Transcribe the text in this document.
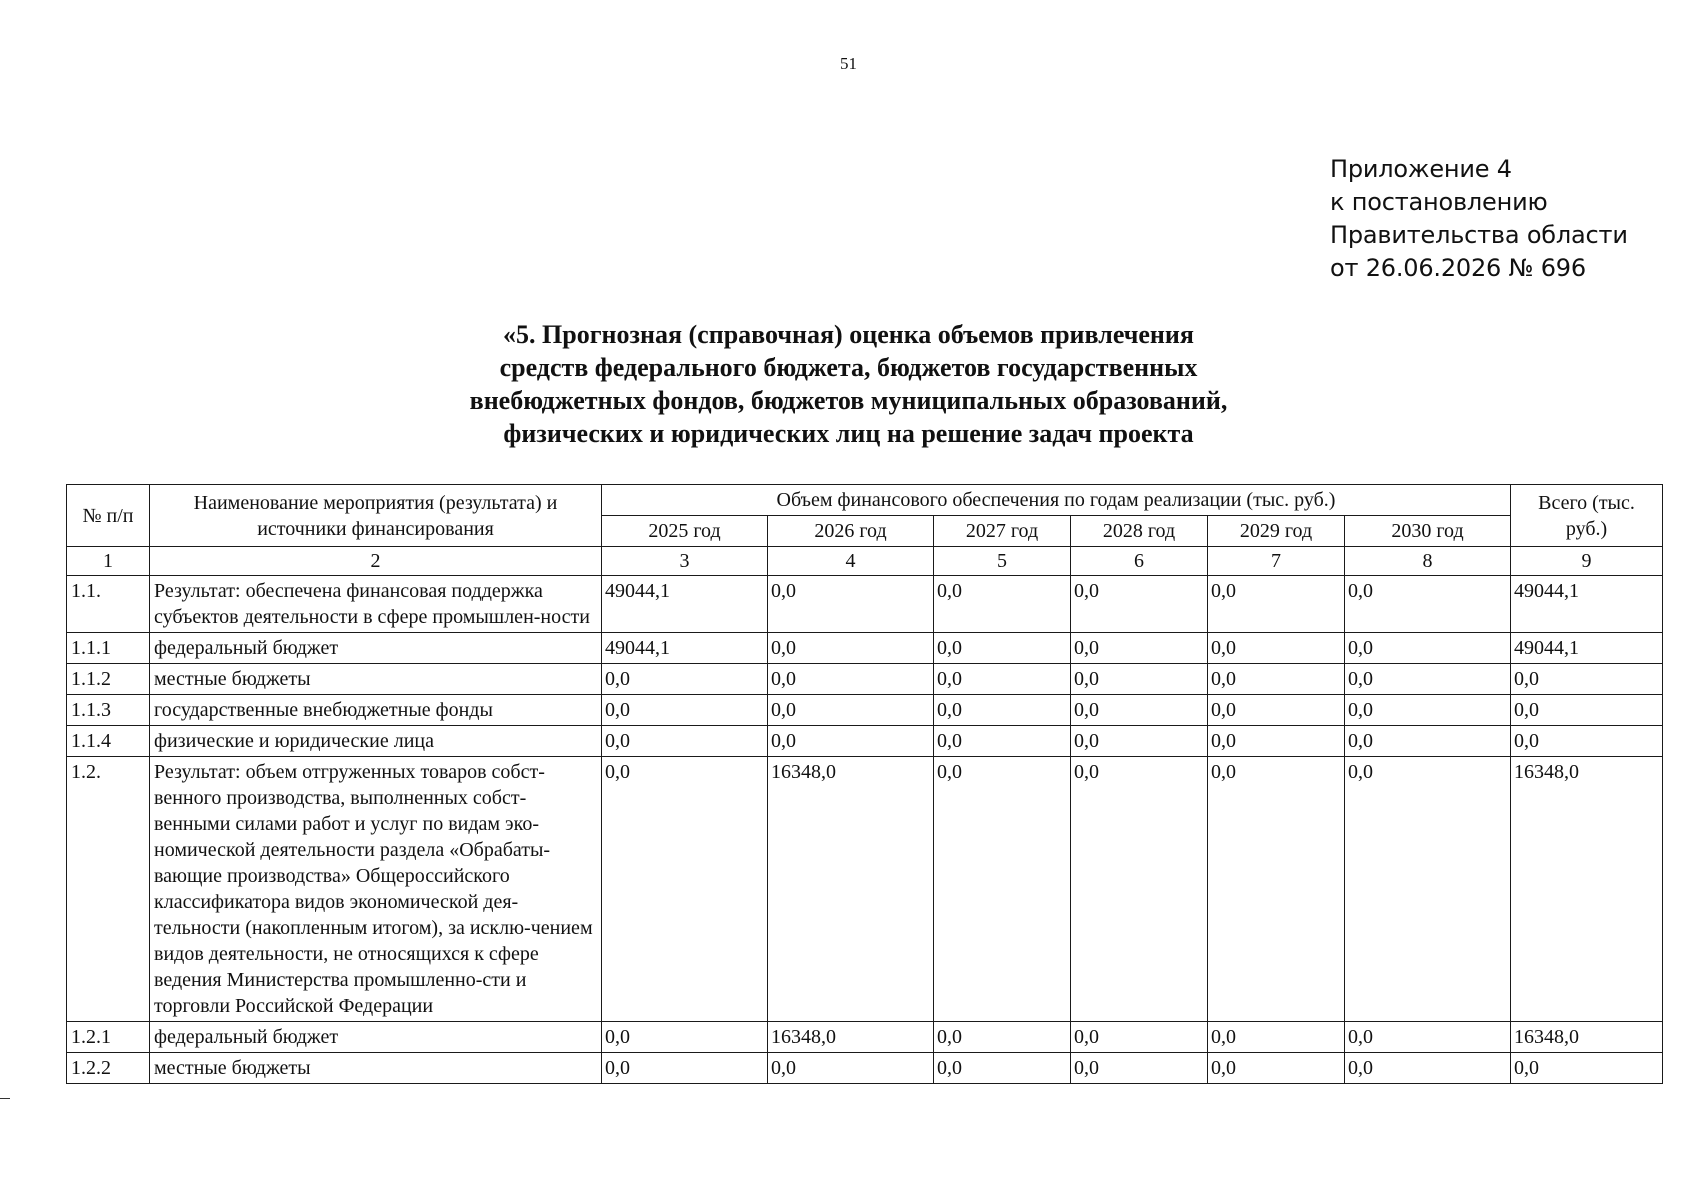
51
Приложение 4
к постановлению
Правительства области
от 26.06.2026 № 696
«5. Прогнозная (справочная) оценка объемов привлечения
средств федерального бюджета, бюджетов государственных
внебюджетных фондов, бюджетов муниципальных образований,
физических и юридических лиц на решение задач проекта
№ п/п	Наименование мероприятия (результата) и источники финансирования	Объем финансового обеспечения по годам реализации (тыс. руб.)						Всего (тыс. руб.)
		2025 год	2026 год	2027 год	2028 год	2029 год	2030 год	
1	2	3	4	5	6	7	8	9
1.1.	Результат: обеспечена финансовая поддержка субъектов деятельности в сфере промышлен-ности	49044,1	0,0	0,0	0,0	0,0	0,0	49044,1
1.1.1	федеральный бюджет	49044,1	0,0	0,0	0,0	0,0	0,0	49044,1
1.1.2	местные бюджеты	0,0	0,0	0,0	0,0	0,0	0,0	0,0
1.1.3	государственные внебюджетные фонды	0,0	0,0	0,0	0,0	0,0	0,0	0,0
1.1.4	физические и юридические лица	0,0	0,0	0,0	0,0	0,0	0,0	0,0
1.2.	Результат: объем отгруженных товаров собст-венного производства, выполненных собст-венными силами работ и услуг по видам эко-номической деятельности раздела «Обрабаты-вающие производства» Общероссийского классификатора видов экономической дея-тельности (накопленным итогом), за исклю-чением видов деятельности, не относящихся к сфере ведения Министерства промышленно-сти и торговли Российской Федерации	0,0	16348,0	0,0	0,0	0,0	0,0	16348,0
1.2.1	федеральный бюджет	0,0	16348,0	0,0	0,0	0,0	0,0	16348,0
1.2.2	местные бюджеты	0,0	0,0	0,0	0,0	0,0	0,0	0,0
